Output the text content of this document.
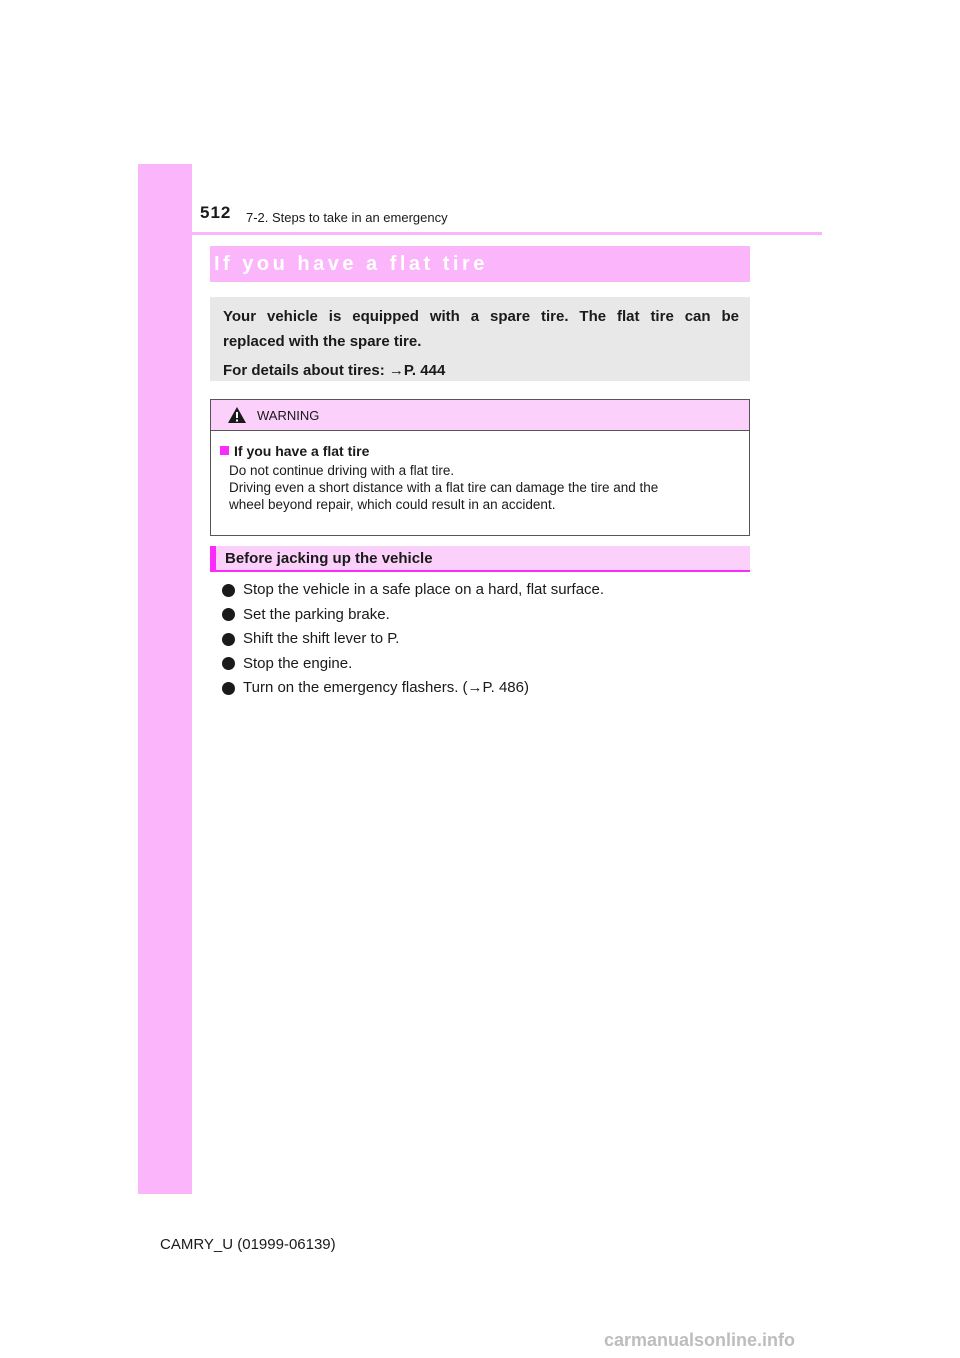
512 7-2. Steps to take in an emergency
If you have a flat tire
Your vehicle is equipped with a spare tire. The flat tire can be
replaced with the spare tire.
For details about tires: →P. 444
WARNING
If you have a flat tire
Do not continue driving with a flat tire.
Driving even a short distance with a flat tire can damage the tire and the
wheel beyond repair, which could result in an accident.
Before jacking up the vehicle
Stop the vehicle in a safe place on a hard, flat surface.
Set the parking brake.
Shift the shift lever to P.
Stop the engine.
Turn on the emergency flashers. (→P. 486)
CAMRY_U (01999-06139)
carmanualsonline.info
